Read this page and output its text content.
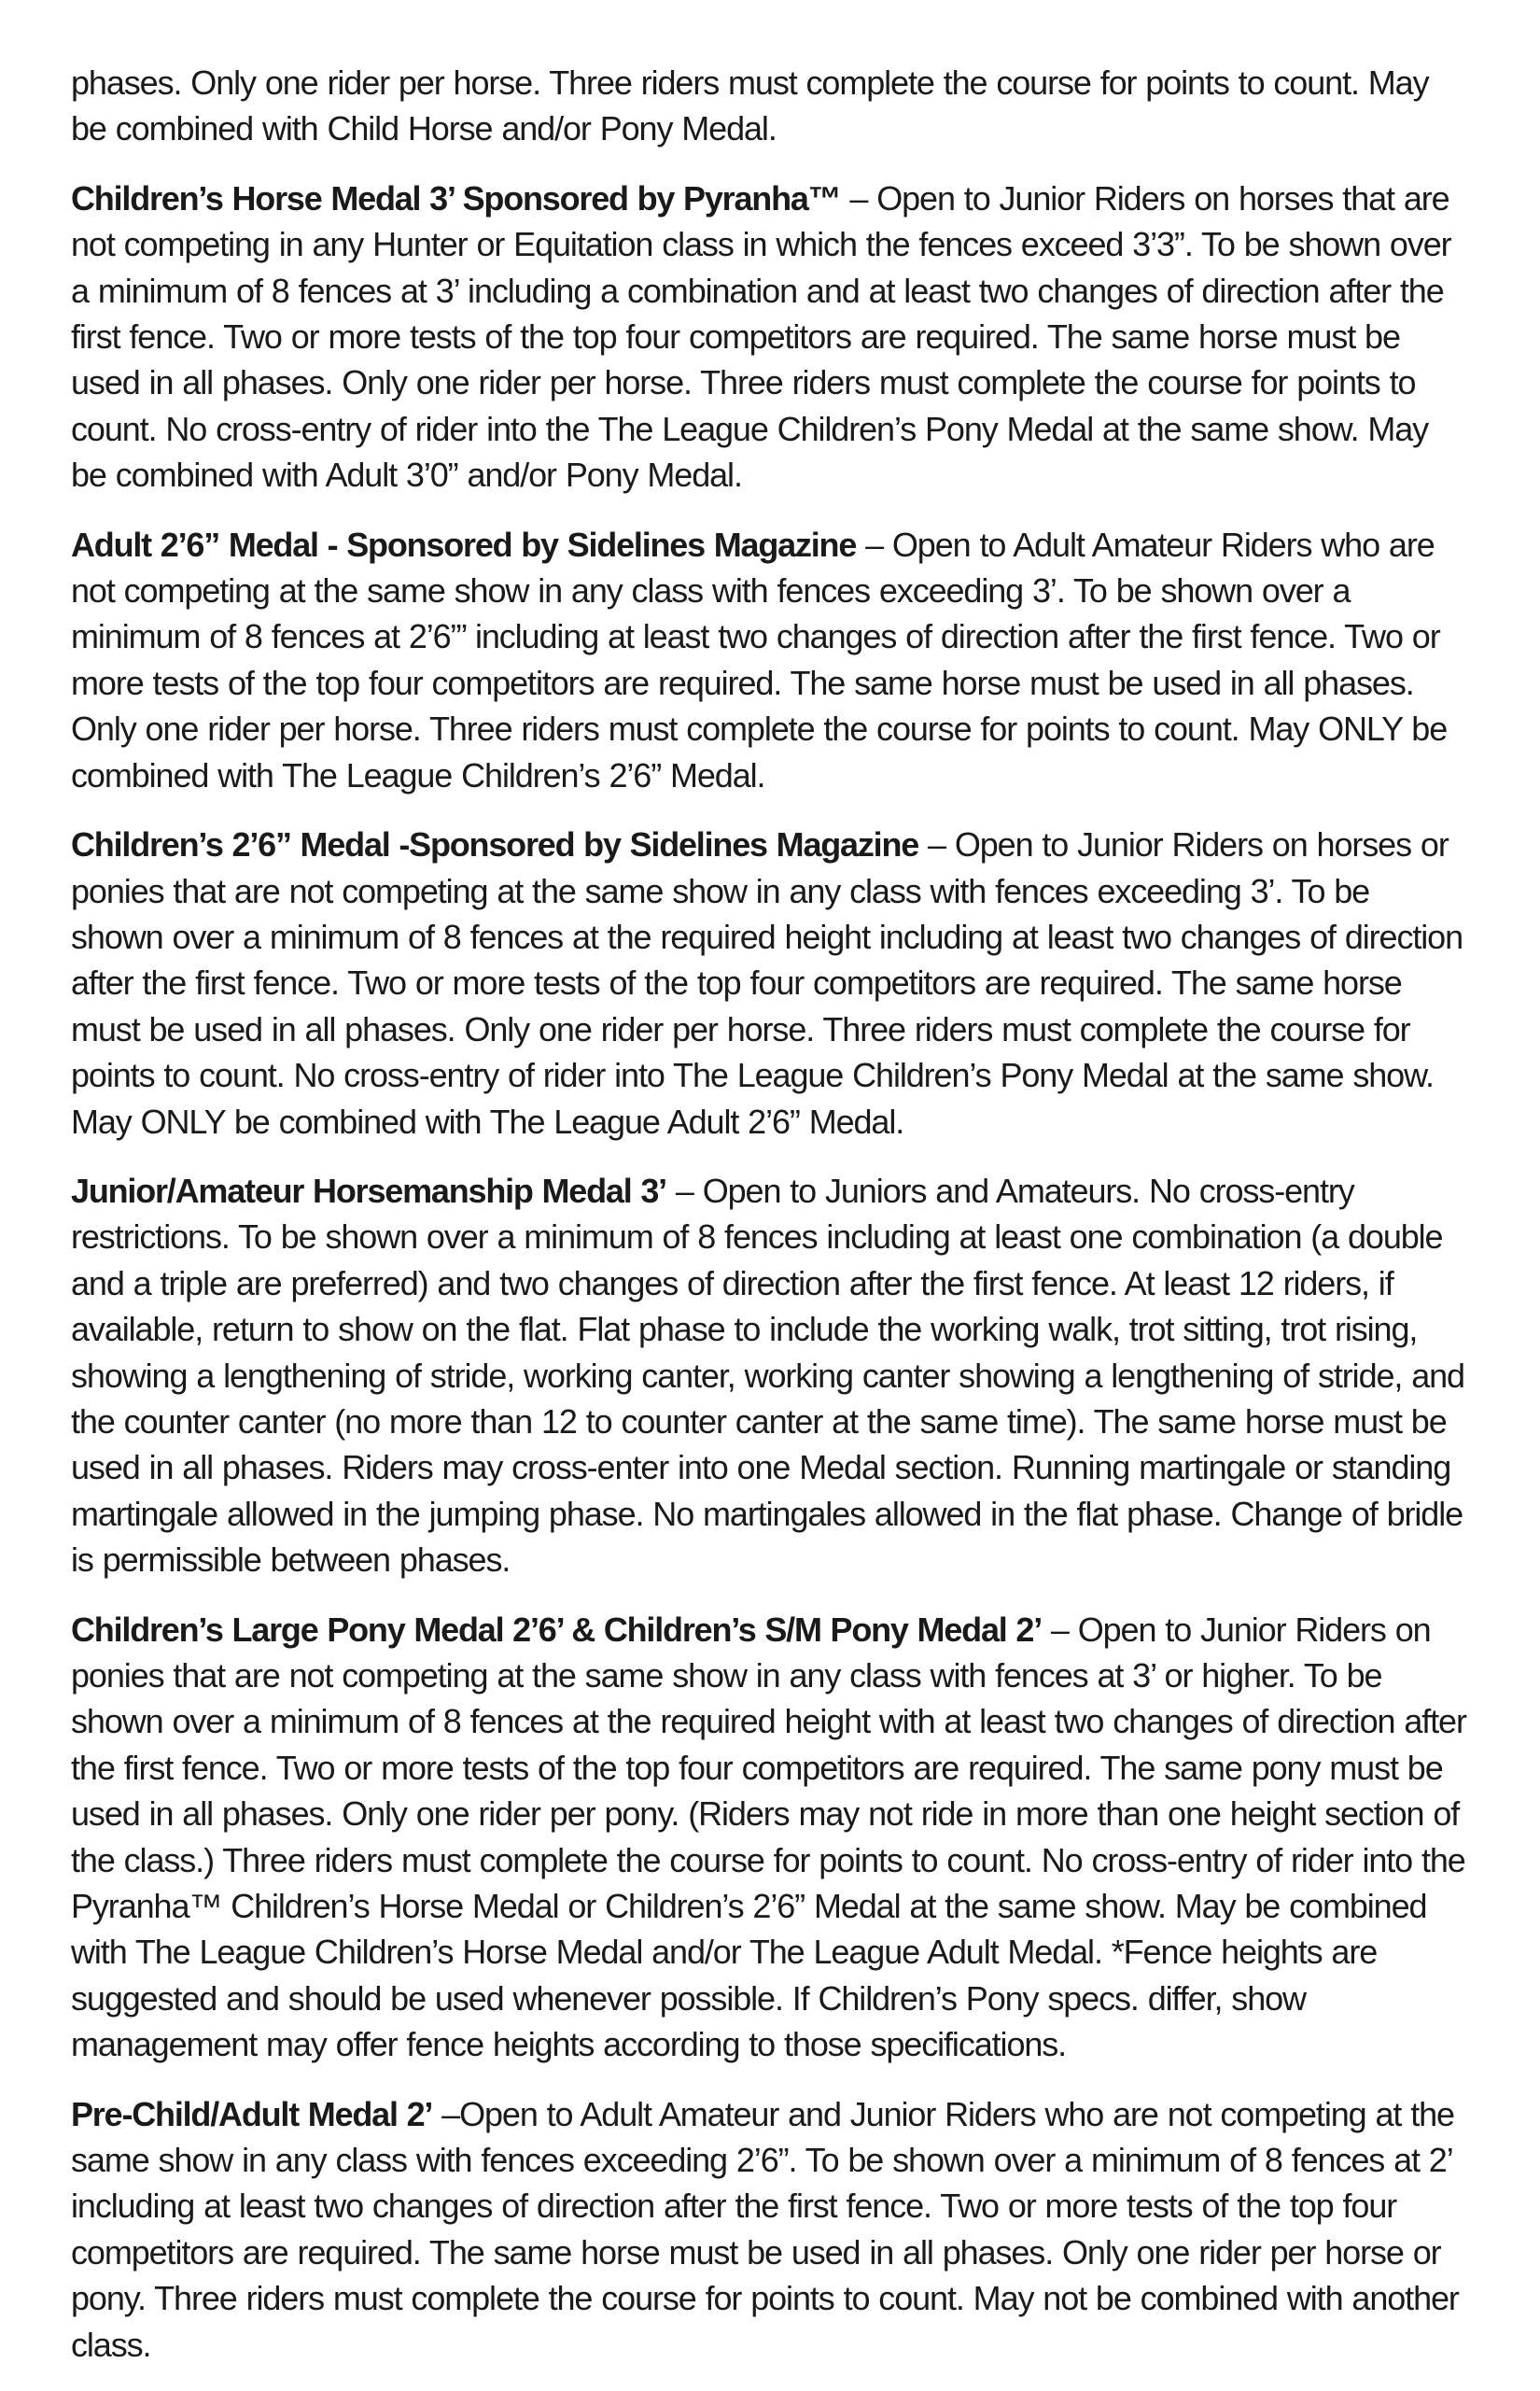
phases. Only one rider per horse. Three riders must complete the course for points to count. May be combined with Child Horse and/or Pony Medal.

Children’s Horse Medal 3’ Sponsored by Pyranha™ – Open to Junior Riders on horses that are not competing in any Hunter or Equitation class in which the fences exceed 3’3”. To be shown over a minimum of 8 fences at 3’ including a combination and at least two changes of direction after the first fence. Two or more tests of the top four competitors are required. The same horse must be used in all phases. Only one rider per horse. Three riders must complete the course for points to count. No cross-entry of rider into the The League Children’s Pony Medal at the same show. May be combined with Adult 3’0” and/or Pony Medal.

Adult 2’6” Medal - Sponsored by Sidelines Magazine – Open to Adult Amateur Riders who are not competing at the same show in any class with fences exceeding 3’. To be shown over a minimum of 8 fences at 2’6”’ including at least two changes of direction after the first fence. Two or more tests of the top four competitors are required. The same horse must be used in all phases. Only one rider per horse. Three riders must complete the course for points to count. May ONLY be combined with The League Children’s 2’6” Medal.

Children’s 2’6” Medal -Sponsored by Sidelines Magazine – Open to Junior Riders on horses or ponies that are not competing at the same show in any class with fences exceeding 3’. To be shown over a minimum of 8 fences at the required height including at least two changes of direction after the first fence. Two or more tests of the top four competitors are required. The same horse must be used in all phases. Only one rider per horse. Three riders must complete the course for points to count. No cross-entry of rider into The League Children’s Pony Medal at the same show. May ONLY be combined with The League Adult 2’6” Medal.

Junior/Amateur Horsemanship Medal 3’ – Open to Juniors and Amateurs. No cross-entry restrictions. To be shown over a minimum of 8 fences including at least one combination (a double and a triple are preferred) and two changes of direction after the first fence. At least 12 riders, if available, return to show on the flat. Flat phase to include the working walk, trot sitting, trot rising, showing a lengthening of stride, working canter, working canter showing a lengthening of stride, and the counter canter (no more than 12 to counter canter at the same time). The same horse must be used in all phases. Riders may cross-enter into one Medal section. Running martingale or standing martingale allowed in the jumping phase. No martingales allowed in the flat phase. Change of bridle is permissible between phases.

Children’s Large Pony Medal 2’6’ & Children’s S/M Pony Medal 2’ – Open to Junior Riders on ponies that are not competing at the same show in any class with fences at 3’ or higher. To be shown over a minimum of 8 fences at the required height with at least two changes of direction after the first fence. Two or more tests of the top four competitors are required. The same pony must be used in all phases. Only one rider per pony. (Riders may not ride in more than one height section of the class.) Three riders must complete the course for points to count. No cross-entry of rider into the Pyranha™ Children’s Horse Medal or Children’s 2’6” Medal at the same show. May be combined with The League Children’s Horse Medal and/or The League Adult Medal. *Fence heights are suggested and should be used whenever possible. If Children’s Pony specs. differ, show management may offer fence heights according to those specifications.

Pre-Child/Adult Medal 2’ –Open to Adult Amateur and Junior Riders who are not competing at the same show in any class with fences exceeding 2’6”. To be shown over a minimum of 8 fences at 2’ including at least two changes of direction after the first fence. Two or more tests of the top four competitors are required. The same horse must be used in all phases. Only one rider per horse or pony. Three riders must complete the course for points to count. May not be combined with another class.
